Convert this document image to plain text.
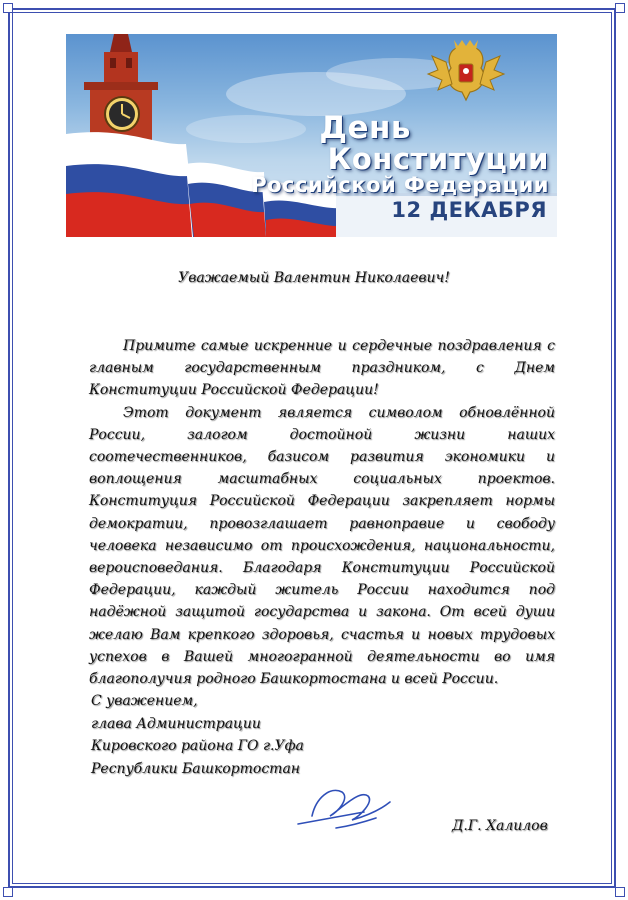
День
Конституции
Российской Федерации
12 ДЕКАБРЯ
Уважаемый Валентин Николаевич!

Примите самые искренние и сердечные поздравления с главным государственным праздником, с Днем Конституции Российской Федерации!

Этот документ является символом обновлённой России, залогом достойной жизни наших соотечественников, базисом развития экономики и воплощения масштабных социальных проектов. Конституция Российской Федерации закрепляет нормы демократии, провозглашает равноправие и свободу человека независимо от происхождения, национальности, вероисповедания. Благодаря Конституции Российской Федерации, каждый житель России находится под надёжной защитой государства и закона. От всей души желаю Вам крепкого здоровья, счастья и новых трудовых успехов в Вашей многогранной деятельности во имя благополучия родного Башкортостана и всей России.

С уважением,
глава Администрации
Кировского района ГО г.Уфа
Республики Башкортостан
Д.Г. Халилов
